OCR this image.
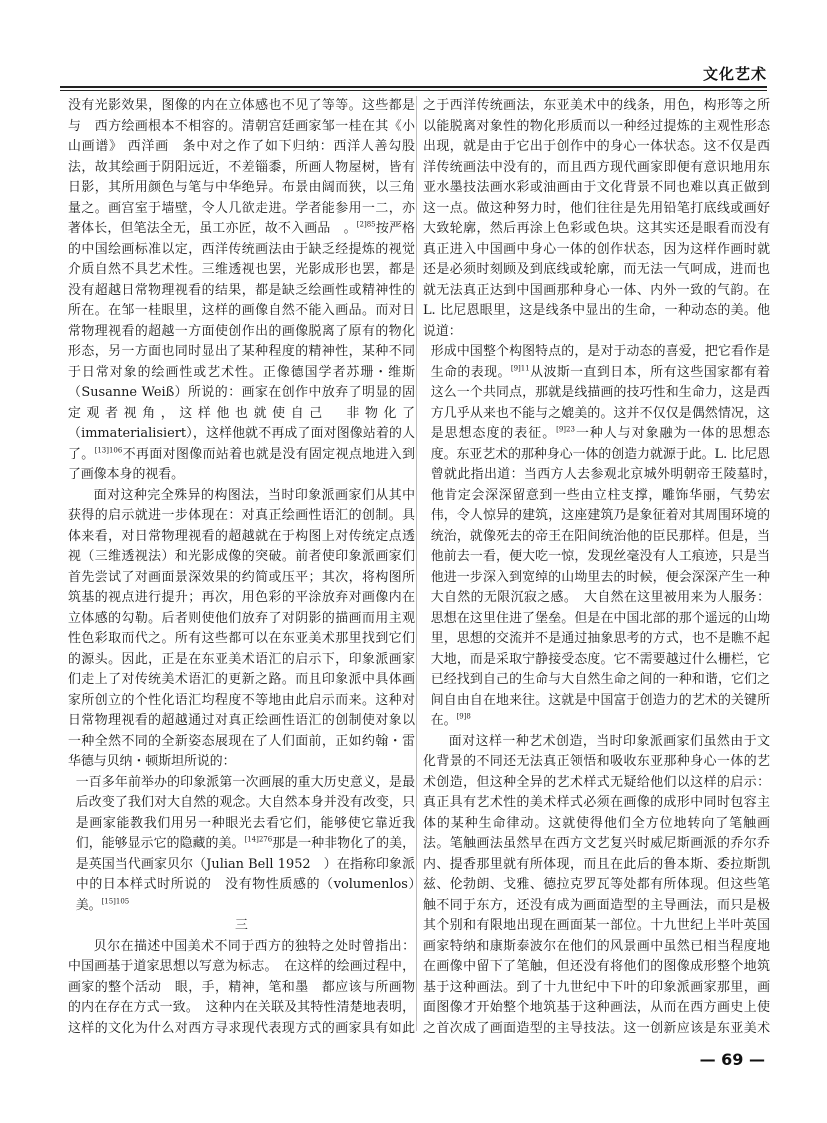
文化艺术

没有光影效果，图像的内在立体感也不见了等等。这些都是与　西方绘画根本不相容的。清朝宫廷画家邹一桂在其《小山画谱》 西洋画　条中对之作了如下归纳：西洋人善勾股法，故其绘画于阴阳远近，不差锱黍，所画人物屋树，皆有日影，其所用颜色与笔与中华绝异。布景由阔而狭，以三角量之。画宫室于墙壁，令人几欲走进。学者能参用一二，亦著体长，但笔法全无，虽工亦匠，故不入画品　。$^{[2]85}$按严格的中国绘画标准以定，西洋传统画法由于缺乏经提炼的视觉介质自然不具艺术性。三维透视也罢，光影成形也罢，都是没有超越日常物理视看的结果，都是缺乏绘画性或精神性的所在。在邹一桂眼里，这样的画像自然不能入画品。而对日常物理视看的超越一方面使创作出的画像脱离了原有的物化形态，另一方面也同时显出了某种程度的精神性，某种不同于日常对象的绘画性或艺术性。正像德国学者苏珊・维斯（Susanne Weiß）所说的：画家在创作中放弃了明显的固定观者视角，这样他也就使自己　非物化了　（immaterialisiert），这样他就不再成了面对图像站着的人了。$^{[13]106}$不再面对图像而站着也就是没有固定视点地进入到了画像本身的视看。

面对这种完全殊异的构图法，当时印象派画家们从其中获得的启示就进一步体现在：对真正绘画性语汇的创制。具体来看，对日常物理视看的超越就在于构图上对传统定点透视（三维透视法）和光影成像的突破。前者使印象派画家们首先尝试了对画面景深效果的约简或压平；其次，将构图所筑基的视点进行提升；再次，用色彩的平涂放弃对画像内在立体感的勾勒。后者则使他们放弃了对阴影的描画而用主观性色彩取而代之。所有这些都可以在东亚美术那里找到它们的源头。因此，正是在东亚美术语汇的启示下，印象派画家们走上了对传统美术语汇的更新之路。而且印象派中具体画家所创立的个性化语汇均程度不等地由此启示而来。这种对日常物理视看的超越通过对真正绘画性语汇的创制使对象以一种全然不同的全新姿态展现在了人们面前，正如约翰・雷华德与贝纳・顿斯坦所说的：

一百多年前举办的印象派第一次画展的重大历史意义，是最后改变了我们对大自然的观念。大自然本身并没有改变，只是画家能教我们用另一种眼光去看它们，能够使它靠近我们，能够显示它的隐藏的美。$^{[14]276}$那是一种非物化了的美，是英国当代画家贝尔（Julian Bell 1952　）在指称印象派中的日本样式时所说的　没有物性质感的（volumenlos）　美。$^{[15]105}$

三

贝尔在描述中国美术不同于西方的独特之处时曾指出：中国画基于道家思想以写意为标志。　在这样的绘画过程中，画家的整个活动　眼，手，精神，笔和墨　都应该与所画物的内在存在方式一致。　这种内在关联及其特性清楚地表明，这样的文化为什么对西方寻求现代表现方式的画家具有如此

之于西洋传统画法，东亚美术中的线条，用色，构形等之所以能脱离对象性的物化形质而以一种经过提炼的主观性形态出现，就是由于它出于创作中的身心一体状态。这不仅是西洋传统画法中没有的，而且西方现代画家即便有意识地用东亚水墨技法画水彩或油画由于文化背景不同也难以真正做到这一点。做这种努力时，他们往往是先用铅笔打底线或画好大致轮廓，然后再涂上色彩或色块。这其实还是眼看而没有真正进入中国画中身心一体的创作状态，因为这样作画时就还是必须时刻顾及到底线或轮廓，而无法一气呵成，进而也就无法真正达到中国画那种身心一体、内外一致的气韵。在 L. 比尼恩眼里，这是线条中显出的生命，一种动态的美。他说道：

形成中国整个构图特点的，是对于动态的喜爱，把它看作是生命的表现。$^{[9]11}$从波斯一直到日本，所有这些国家都有着这么一个共同点，那就是线描画的技巧性和生命力，这是西方几乎从来也不能与之媲美的。这并不仅仅是偶然情况，这是思想态度的表征。$^{[9]23}$一种人与对象融为一体的思想态度。东亚艺术的那种身心一体的创造力就源于此。L. 比尼恩曾就此指出道：当西方人去参观北京城外明朝帝王陵墓时，　他肯定会深深留意到一些由立柱支撑，雕饰华丽，气势宏伟，令人惊异的建筑，这座建筑乃是象征着对其周围环境的统治，就像死去的帝王在阳间统治他的臣民那样。但是，当他前去一看，便大吃一惊，发现丝毫没有人工痕迹，只是当他进一步深入到宽绰的山坳里去的时候，便会深深产生一种大自然的无限沉寂之感。　大自然在这里被用来为人服务：思想在这里住进了堡垒。但是在中国北部的那个遥远的山坳里，思想的交流并不是通过抽象思考的方式，也不是瞧不起大地，而是采取宁静接受态度。它不需要越过什么栅栏，它已经找到自己的生命与大自然生命之间的一种和谐，它们之间自由自在地来往。这就是中国富于创造力的艺术的关键所在。$^{[9]8}$

面对这样一种艺术创造，当时印象派画家们虽然由于文化背景的不同还无法真正领悟和吸收东亚那种身心一体的艺术创造，但这种全异的艺术样式无疑给他们以这样的启示：真正具有艺术性的美术样式必须在画像的成形中同时包容主体的某种生命律动。这就使得他们全方位地转向了笔触画法。笔触画法虽然早在西方文艺复兴时威尼斯画派的乔尔乔内、提香那里就有所体现，而且在此后的鲁本斯、委拉斯凯兹、伦勃朗、戈雅、德拉克罗瓦等处都有所体现。但这些笔触不同于东方，还没有成为画面造型的主导画法，而只是极其个别和有限地出现在画面某一部位。十九世纪上半叶英国画家特纳和康斯泰波尔在他们的风景画中虽然已相当程度地在画像中留下了笔触，但还没有将他们的图像成形整个地筑基于这种画法。到了十九世纪中下叶的印象派画家那里，画面图像才开始整个地筑基于这种画法，从而在西方画史上使之首次成了画面造型的主导技法。这一创新应该是东亚美术

— 69 —
